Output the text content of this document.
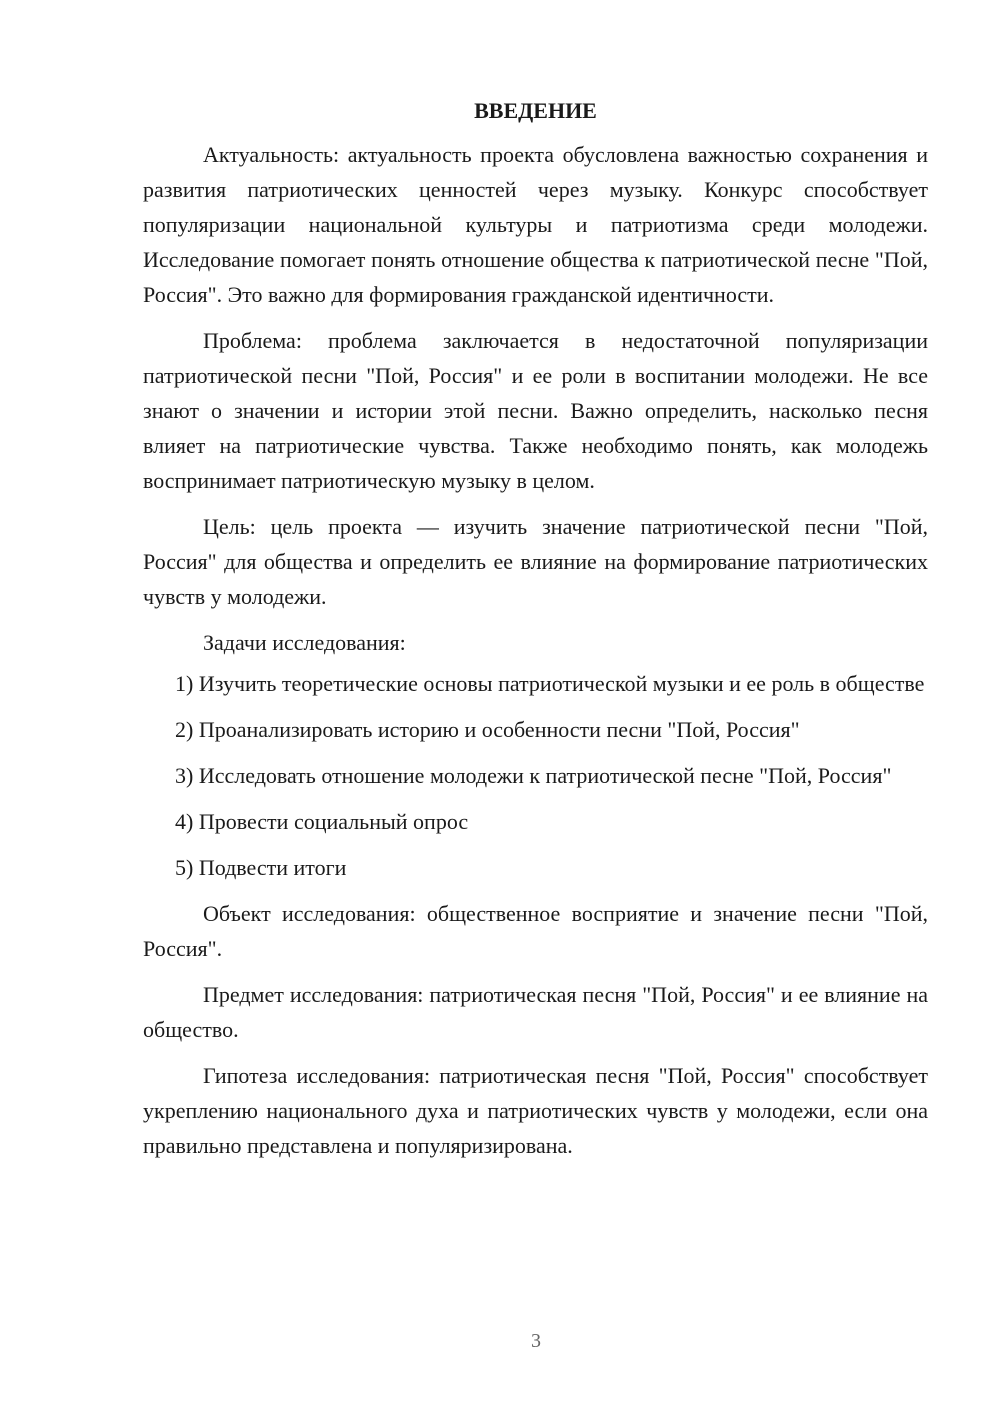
ВВЕДЕНИЕ

Актуальность: актуальность проекта обусловлена важностью сохранения и развития патриотических ценностей через музыку. Конкурс способствует популяризации национальной культуры и патриотизма среди молодежи. Исследование помогает понять отношение общества к патриотической песне "Пой, Россия". Это важно для формирования гражданской идентичности.

Проблема: проблема заключается в недостаточной популяризации патриотической песни "Пой, Россия" и ее роли в воспитании молодежи. Не все знают о значении и истории этой песни. Важно определить, насколько песня влияет на патриотические чувства. Также необходимо понять, как молодежь воспринимает патриотическую музыку в целом.

Цель: цель проекта — изучить значение патриотической песни "Пой, Россия" для общества и определить ее влияние на формирование патриотических чувств у молодежи.

Задачи исследования:

1) Изучить теоретические основы патриотической музыки и ее роль в обществе

2) Проанализировать историю и особенности песни "Пой, Россия"

3) Исследовать отношение молодежи к патриотической песне "Пой, Россия"

4) Провести социальный опрос

5) Подвести итоги

Объект исследования: общественное восприятие и значение песни "Пой, Россия".

Предмет исследования: патриотическая песня "Пой, Россия" и ее влияние на общество.

Гипотеза исследования: патриотическая песня "Пой, Россия" способствует укреплению национального духа и патриотических чувств у молодежи, если она правильно представлена и популяризирована.

3
